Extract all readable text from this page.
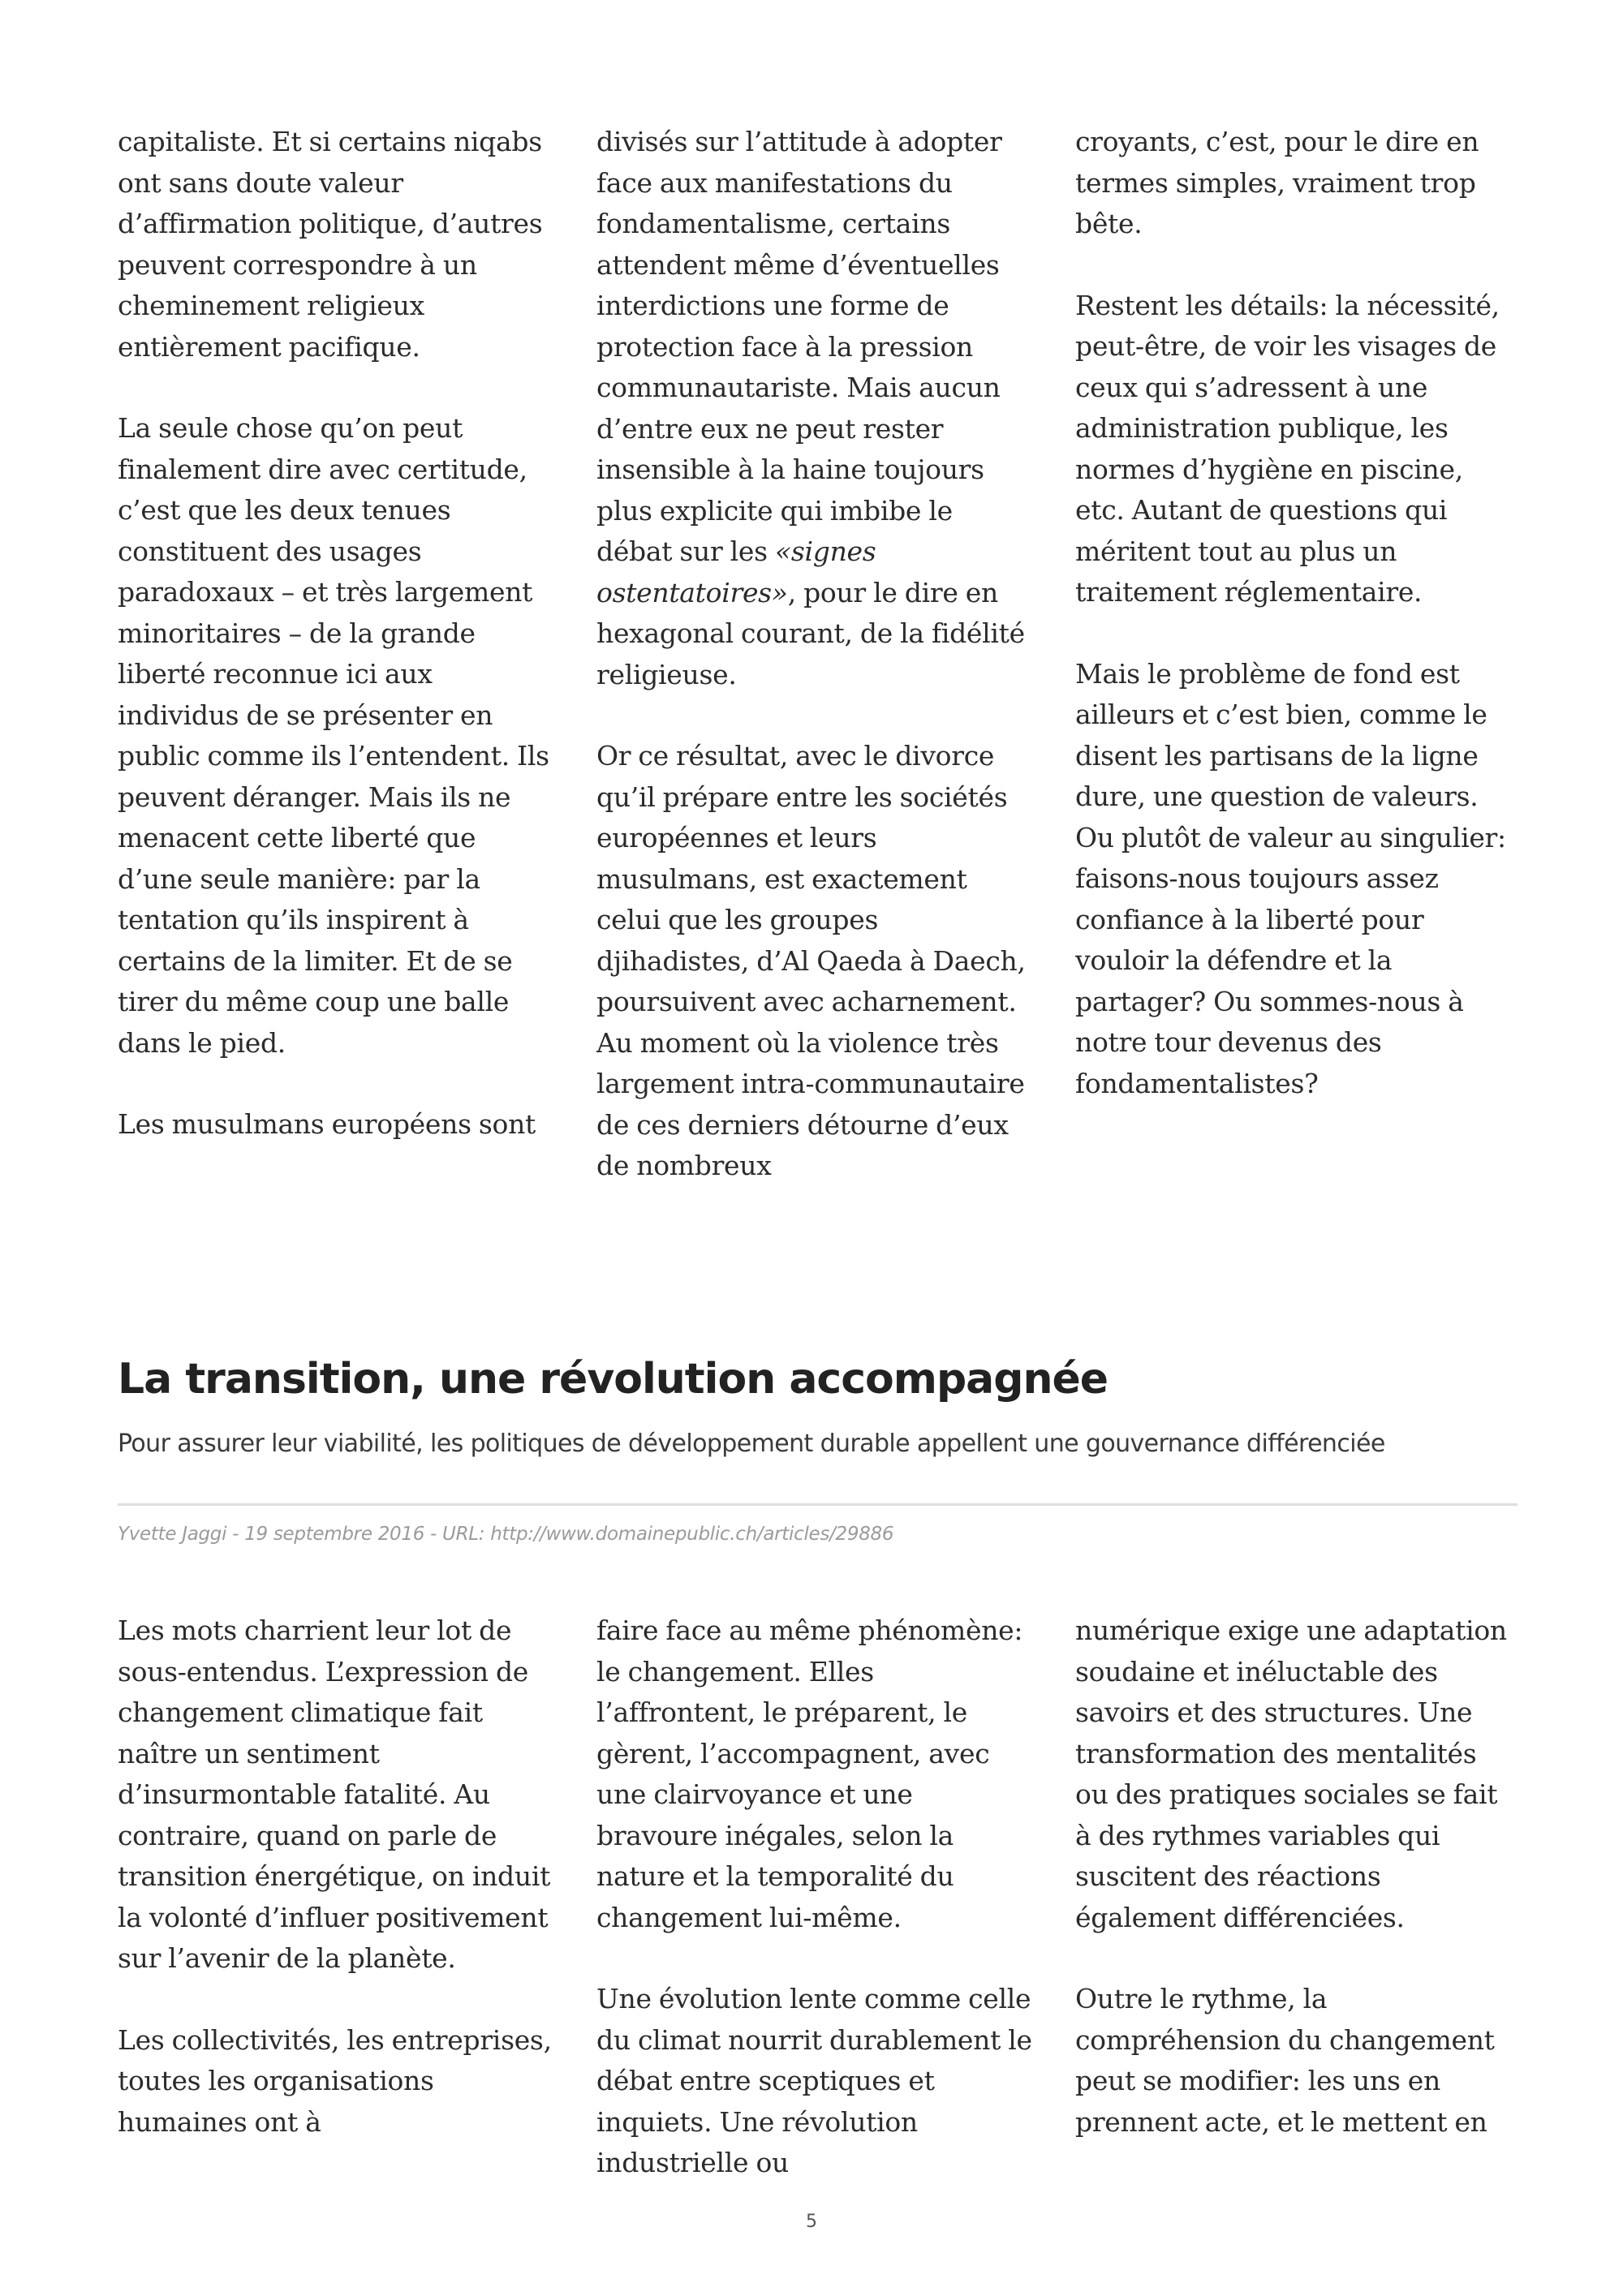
capitaliste. Et si certains niqabs ont sans doute valeur d’affirmation politique, d’autres peuvent correspondre à un cheminement religieux entièrement pacifique.

La seule chose qu’on peut finalement dire avec certitude, c’est que les deux tenues constituent des usages paradoxaux – et très largement minoritaires – de la grande liberté reconnue ici aux individus de se présenter en public comme ils l’entendent. Ils peuvent déranger. Mais ils ne menacent cette liberté que d’une seule manière: par la tentation qu’ils inspirent à certains de la limiter. Et de se tirer du même coup une balle dans le pied.

Les musulmans européens sont

divisés sur l’attitude à adopter face aux manifestations du fondamentalisme, certains attendent même d’éventuelles interdictions une forme de protection face à la pression communautariste. Mais aucun d’entre eux ne peut rester insensible à la haine toujours plus explicite qui imbibe le débat sur les «signes ostentatoires», pour le dire en hexagonal courant, de la fidélité religieuse.

Or ce résultat, avec le divorce qu’il prépare entre les sociétés européennes et leurs musulmans, est exactement celui que les groupes djihadistes, d’Al Qaeda à Daech, poursuivent avec acharnement. Au moment où la violence très largement intra-communautaire de ces derniers détourne d’eux de nombreux

croyants, c’est, pour le dire en termes simples, vraiment trop bête.

Restent les détails: la nécessité, peut-être, de voir les visages de ceux qui s’adressent à une administration publique, les normes d’hygiène en piscine, etc. Autant de questions qui méritent tout au plus un traitement réglementaire.

Mais le problème de fond est ailleurs et c’est bien, comme le disent les partisans de la ligne dure, une question de valeurs. Ou plutôt de valeur au singulier: faisons-nous toujours assez confiance à la liberté pour vouloir la défendre et la partager? Ou sommes-nous à notre tour devenus des fondamentalistes?

La transition, une révolution accompagnée

Pour assurer leur viabilité, les politiques de développement durable appellent une gouvernance différenciée

Yvette Jaggi - 19 septembre 2016 - URL: http://www.domainepublic.ch/articles/29886

Les mots charrient leur lot de sous-entendus. L’expression de changement climatique fait naître un sentiment d’insurmontable fatalité. Au contraire, quand on parle de transition énergétique, on induit la volonté d’influer positivement sur l’avenir de la planète.

Les collectivités, les entreprises, toutes les organisations humaines ont à

faire face au même phénomène: le changement. Elles l’affrontent, le préparent, le gèrent, l’accompagnent, avec une clairvoyance et une bravoure inégales, selon la nature et la temporalité du changement lui-même.

Une évolution lente comme celle du climat nourrit durablement le débat entre sceptiques et inquiets. Une révolution industrielle ou

numérique exige une adaptation soudaine et inéluctable des savoirs et des structures. Une transformation des mentalités ou des pratiques sociales se fait à des rythmes variables qui suscitent des réactions également différenciées.

Outre le rythme, la compréhension du changement peut se modifier: les uns en prennent acte, et le mettent en

5
